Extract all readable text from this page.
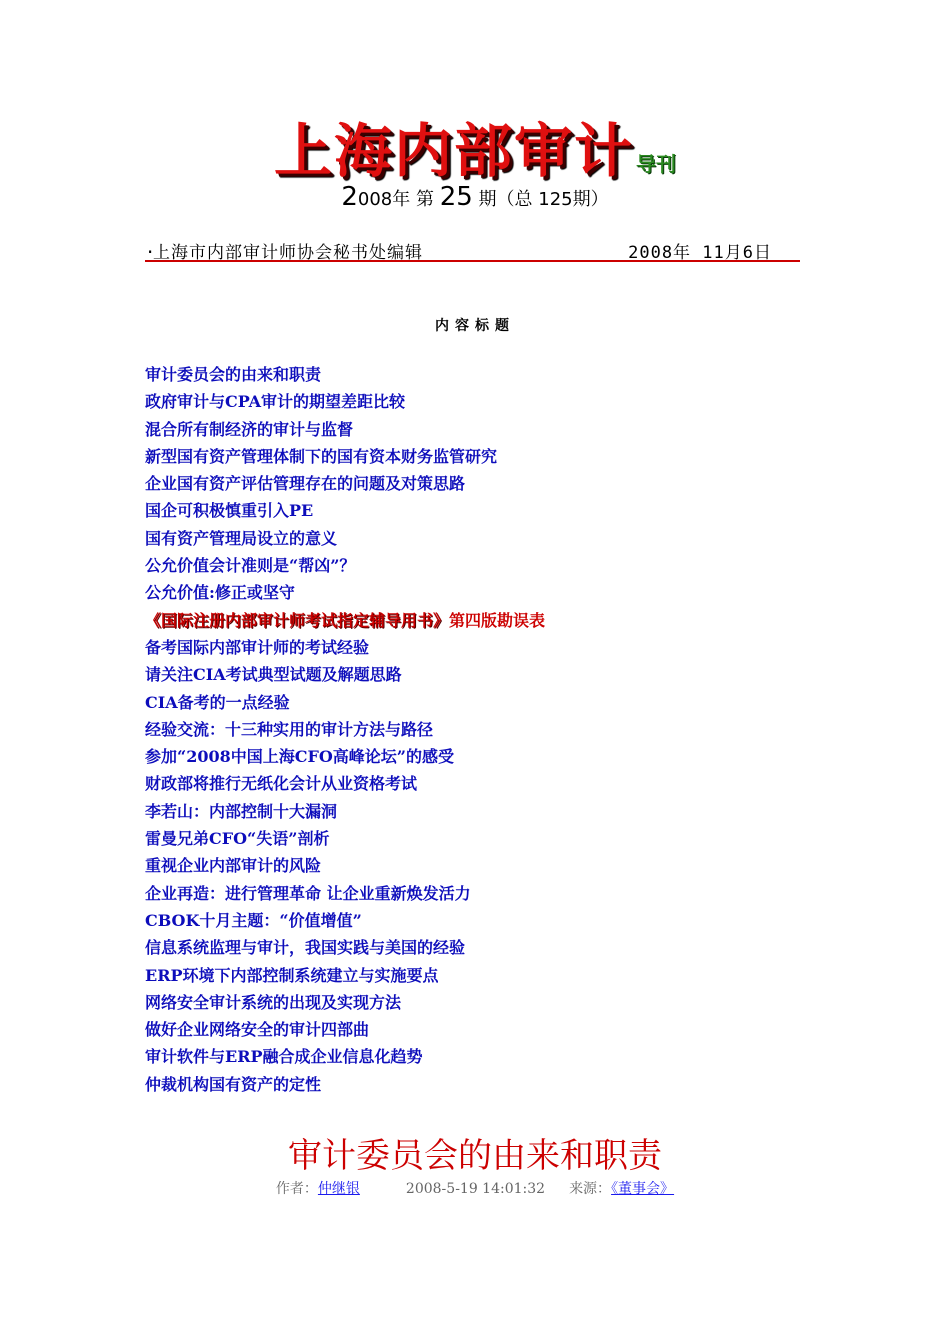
上海内部审计 导刊
2008年 第 25 期（总 125期）
.
上海市内部审计师协会秘书处编辑	2008年 11月6日
内容标题
审计委员会的由来和职责
政府审计与CPA审计的期望差距比较
混合所有制经济的审计与监督
新型国有资产管理体制下的国有资本财务监管研究
企业国有资产评估管理存在的问题及对策思路
国企可积极慎重引入PE
国有资产管理局设立的意义
公允价值会计准则是“帮凶”？
公允价值:修正或坚守
《国际注册内部审计师考试指定辅导用书》第四版勘误表
备考国际内部审计师的考试经验
请关注CIA考试典型试题及解题思路
CIA备考的一点经验
经验交流：十三种实用的审计方法与路径
参加“2008中国上海CFO高峰论坛”的感受
财政部将推行无纸化会计从业资格考试
李若山：内部控制十大漏洞
雷曼兄弟CFO“失语”剖析
重视企业内部审计的风险
企业再造：进行管理革命 让企业重新焕发活力
CBOK十月主题：“价值增值”
信息系统监理与审计，我国实践与美国的经验
ERP环境下内部控制系统建立与实施要点
网络安全审计系统的出现及实现方法
做好企业网络安全的审计四部曲
审计软件与ERP融合成企业信息化趋势
仲裁机构国有资产的定性
审计委员会的由来和职责
作者：仲继银	2008-5-19 14:01:32 来源：《董事会》
